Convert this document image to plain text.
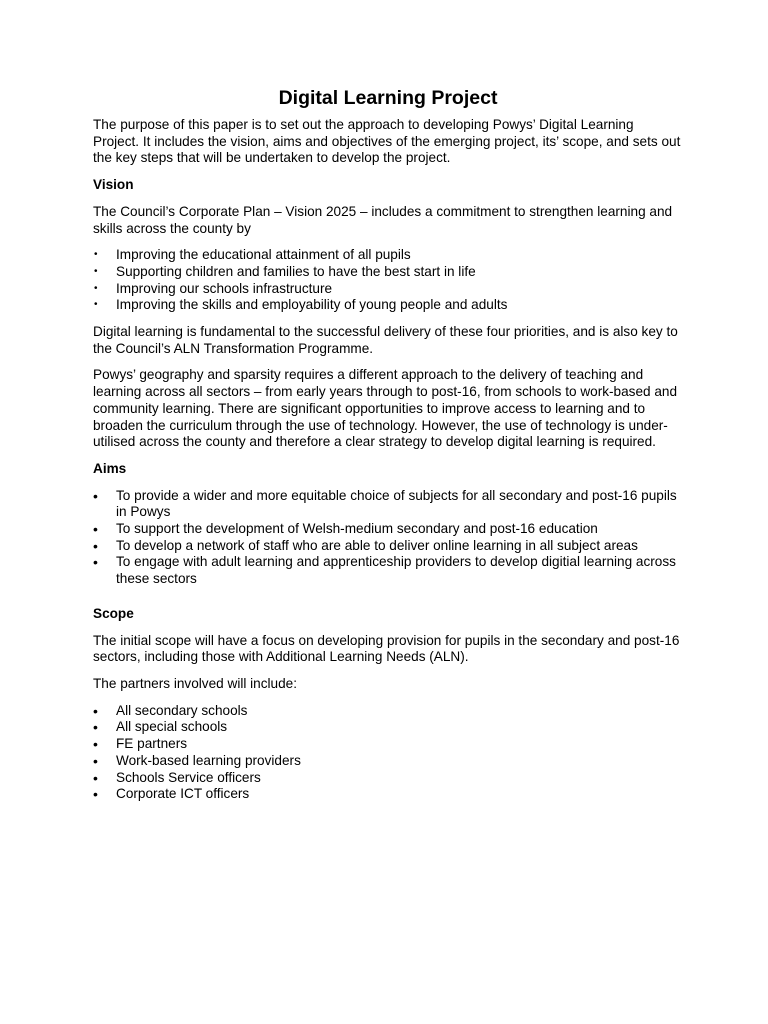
Digital Learning Project

The purpose of this paper is to set out the approach to developing Powys’ Digital Learning Project. It includes the vision, aims and objectives of the emerging project, its’ scope, and sets out the key steps that will be undertaken to develop the project.

Vision

The Council’s Corporate Plan – Vision 2025 – includes a commitment to strengthen learning and skills across the county by

• Improving the educational attainment of all pupils
• Supporting children and families to have the best start in life
• Improving our schools infrastructure
• Improving the skills and employability of young people and adults

Digital learning is fundamental to the successful delivery of these four priorities, and is also key to the Council’s ALN Transformation Programme.

Powys’ geography and sparsity requires a different approach to the delivery of teaching and learning across all sectors – from early years through to post-16, from schools to work-based and community learning. There are significant opportunities to improve access to learning and to broaden the curriculum through the use of technology. However, the use of technology is under-utilised across the county and therefore a clear strategy to develop digital learning is required.

Aims
• To provide a wider and more equitable choice of subjects for all secondary and post-16 pupils in Powys
• To support the development of Welsh-medium secondary and post-16 education
• To develop a network of staff who are able to deliver online learning in all subject areas
• To engage with adult learning and apprenticeship providers to develop digitial learning across these sectors
Scope

The initial scope will have a focus on developing provision for pupils in the secondary and post-16 sectors, including those with Additional Learning Needs (ALN).

The partners involved will include:

• All secondary schools
• All special schools
• FE partners
• Work-based learning providers
• Schools Service officers
• Corporate ICT officers
